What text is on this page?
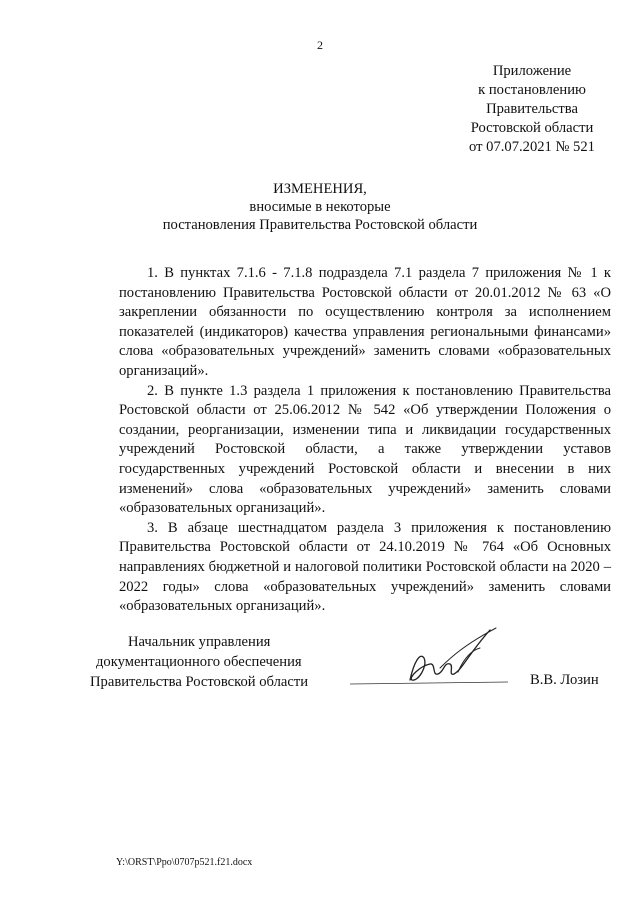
2
Приложение
к постановлению
Правительства
Ростовской области
от 07.07.2021 № 521
ИЗМЕНЕНИЯ,
вносимые в некоторые
постановления Правительства Ростовской области

1. В пунктах 7.1.6 - 7.1.8 подраздела 7.1 раздела 7 приложения № 1 к постановлению Правительства Ростовской области от 20.01.2012 № 63 «О закреплении обязанности по осуществлению контроля за исполнением показателей (индикаторов) качества управления региональными финансами» слова «образовательных учреждений» заменить словами «образовательных организаций».

2. В пункте 1.3 раздела 1 приложения к постановлению Правительства Ростовской области от 25.06.2012 № 542 «Об утверждении Положения о создании, реорганизации, изменении типа и ликвидации государственных учреждений Ростовской области, а также утверждении уставов государственных учреждений Ростовской области и внесении в них изменений» слова «образовательных учреждений» заменить словами «образовательных организаций».

3. В абзаце шестнадцатом раздела 3 приложения к постановлению Правительства Ростовской области от 24.10.2019 № 764 «Об Основных направлениях бюджетной и налоговой политики Ростовской области на 2020 – 2022 годы» слова «образовательных учреждений» заменить словами «образовательных организаций».

Начальник управления
документационного обеспечения
Правительства Ростовской области	В.В. Лозин
Y:\ORST\Ppo\0707p521.f21.docx
